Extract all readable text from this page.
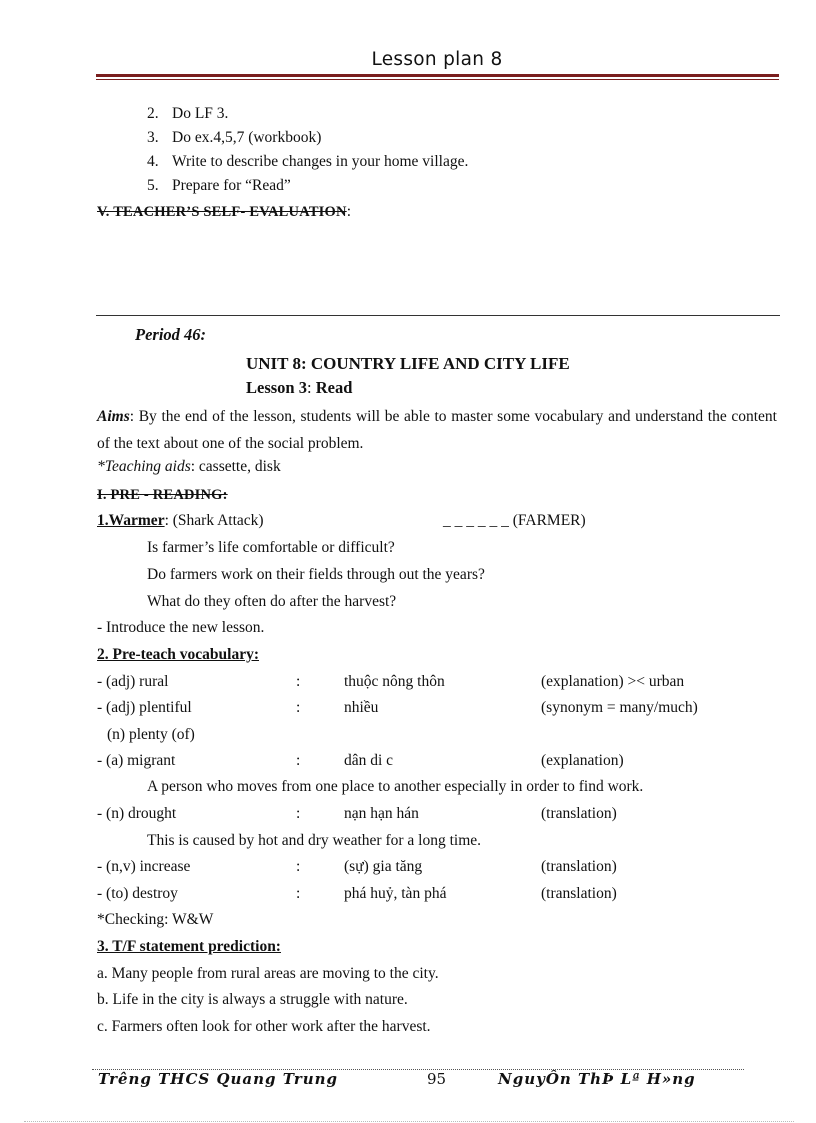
Lesson plan 8
2. Do LF 3.
3. Do ex.4,5,7 (workbook)
4. Write to describe changes in your home village.
5. Prepare for “Read”
V. TEACHER’S SELF- EVALUATION:
Period 46:
UNIT 8: COUNTRY LIFE AND CITY LIFE
Lesson 3: Read
Aims: By the end of the lesson, students will be able to master some vocabulary and understand the content of the text about one of the social problem.
*Teaching aids: cassette, disk
I. PRE - READING:
1.Warmer: (Shark Attack)	_ _ _ _ _ _ (FARMER)
Is farmer’s life comfortable or difficult?
Do farmers work on their fields through out the years?
What do they often do after the harvest?
- Introduce the new lesson.
2. Pre-teach vocabulary:
- (adj) rural	:	thuộc nông thôn	(explanation) >< urban
- (adj) plentiful	:	nhiều	(synonym = many/much)
(n) plenty (of)
- (a) migrant	:	dân di c	(explanation)
A person who moves from one place to another especially in order to find work.
- (n) drought	:	nạn hạn hán	(translation)
This is caused by hot and dry weather for a long time.
- (n,v) increase	:	(sự) gia tăng	(translation)
- (to) destroy	:	phá huỷ, tàn phá	(translation)
*Checking: W&W
3. T/F statement prediction:
a. Many people from rural areas are moving to the city.
b. Life in the city is always a struggle with nature.
c. Farmers often look for other work after the harvest.
Trêng THCS Quang Trung	95	NguyÔn ThÞ Lª H»ng
